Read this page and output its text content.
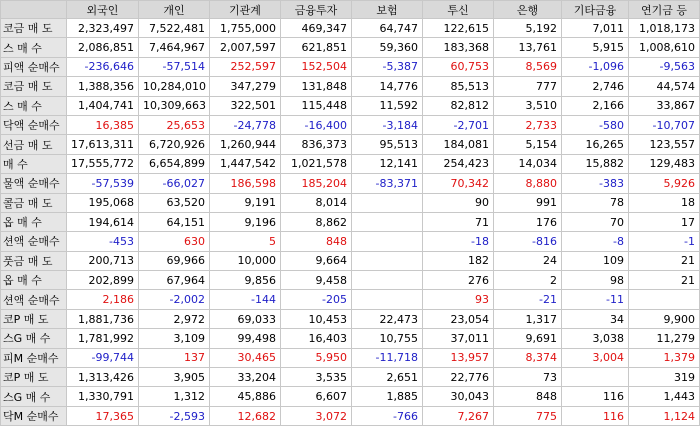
	외국인	개인	기관계	금융투자	보험	투신	은행	기타금융	연기금 등
코금 매 도	2,323,497	7,522,481	1,755,000	469,347	64,747	122,615	5,192	7,011	1,018,173
스 매 수	2,086,851	7,464,967	2,007,597	621,851	59,360	183,368	13,761	5,915	1,008,610
피액 순매수	-236,646	-57,514	252,597	152,504	-5,387	60,753	8,569	-1,096	-9,563
코금 매 도	1,388,356	10,284,010	347,279	131,848	14,776	85,513	777	2,746	44,574
스 매 수	1,404,741	10,309,663	322,501	115,448	11,592	82,812	3,510	2,166	33,867
닥액 순매수	16,385	25,653	-24,778	-16,400	-3,184	-2,701	2,733	-580	-10,707
선금 매 도	17,613,311	6,720,926	1,260,944	836,373	95,513	184,081	5,154	16,265	123,557
매 수	17,555,772	6,654,899	1,447,542	1,021,578	12,141	254,423	14,034	15,882	129,483
물액 순매수	-57,539	-66,027	186,598	185,204	-83,371	70,342	8,880	-383	5,926
콜금 매 도	195,068	63,520	9,191	8,014		90	991	78	18
옵 매 수	194,614	64,151	9,196	8,862		71	176	70	17
션액 순매수	-453	630	5	848		-18	-816	-8	-1
풋금 매 도	200,713	69,966	10,000	9,664		182	24	109	21
옵 매 수	202,899	67,964	9,856	9,458		276	2	98	21
션액 순매수	2,186	-2,002	-144	-205		93	-21	-11	
코P 매 도	1,881,736	2,972	69,033	10,453	22,473	23,054	1,317	34	9,900
스G 매 수	1,781,992	3,109	99,498	16,403	10,755	37,011	9,691	3,038	11,279
피M 순매수	-99,744	137	30,465	5,950	-11,718	13,957	8,374	3,004	1,379
코P 매 도	1,313,426	3,905	33,204	3,535	2,651	22,776	73		319
스G 매 수	1,330,791	1,312	45,886	6,607	1,885	30,043	848	116	1,443
닥M 순매수	17,365	-2,593	12,682	3,072	-766	7,267	775	116	1,124
